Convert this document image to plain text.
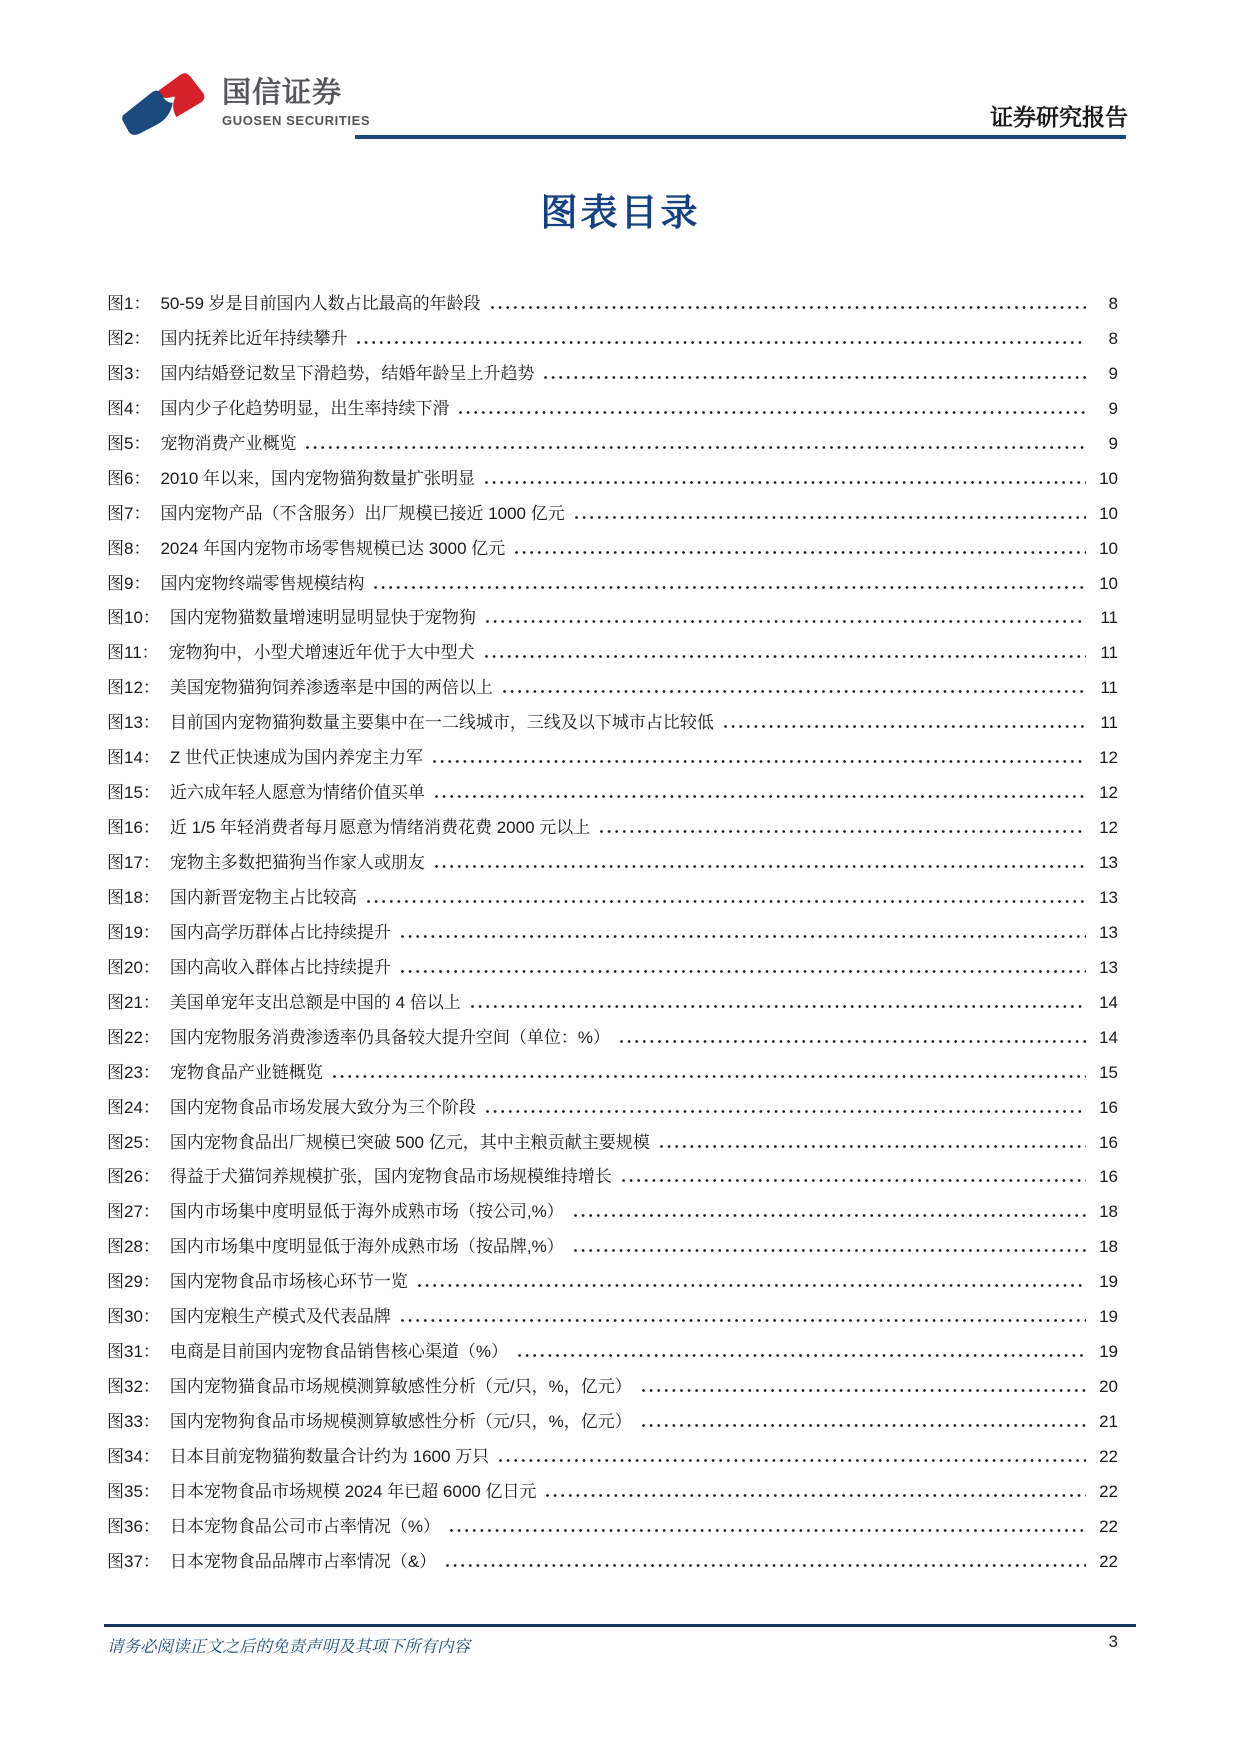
国信证券
GUOSEN SECURITIES	证券研究报告
图表目录
图1： 50-59 岁是目前国内人数占比最高的年龄段	8
图2： 国内抚养比近年持续攀升	8
图3： 国内结婚登记数呈下滑趋势，结婚年龄呈上升趋势	9
图4： 国内少子化趋势明显，出生率持续下滑	9
图5： 宠物消费产业概览	9
图6： 2010 年以来，国内宠物猫狗数量扩张明显	10
图7： 国内宠物产品（不含服务）出厂规模已接近 1000 亿元	10
图8： 2024 年国内宠物市场零售规模已达 3000 亿元	10
图9： 国内宠物终端零售规模结构	10
图10： 国内宠物猫数量增速明显明显快于宠物狗	11
图11： 宠物狗中，小型犬增速近年优于大中型犬	11
图12： 美国宠物猫狗饲养渗透率是中国的两倍以上	11
图13： 目前国内宠物猫狗数量主要集中在一二线城市，三线及以下城市占比较低	11
图14： Z 世代正快速成为国内养宠主力军	12
图15： 近六成年轻人愿意为情绪价值买单	12
图16： 近 1/5 年轻消费者每月愿意为情绪消费花费 2000 元以上	12
图17： 宠物主多数把猫狗当作家人或朋友	13
图18： 国内新晋宠物主占比较高	13
图19： 国内高学历群体占比持续提升	13
图20： 国内高收入群体占比持续提升	13
图21： 美国单宠年支出总额是中国的 4 倍以上	14
图22： 国内宠物服务消费渗透率仍具备较大提升空间（单位：%）	14
图23： 宠物食品产业链概览	15
图24： 国内宠物食品市场发展大致分为三个阶段	16
图25： 国内宠物食品出厂规模已突破 500 亿元，其中主粮贡献主要规模	16
图26： 得益于犬猫饲养规模扩张，国内宠物食品市场规模维持增长	16
图27： 国内市场集中度明显低于海外成熟市场（按公司,%）	18
图28： 国内市场集中度明显低于海外成熟市场（按品牌,%）	18
图29： 国内宠物食品市场核心环节一览	19
图30： 国内宠粮生产模式及代表品牌	19
图31： 电商是目前国内宠物食品销售核心渠道（%）	19
图32： 国内宠物猫食品市场规模测算敏感性分析（元/只，%，亿元）	20
图33： 国内宠物狗食品市场规模测算敏感性分析（元/只，%，亿元）	21
图34： 日本目前宠物猫狗数量合计约为 1600 万只	22
图35： 日本宠物食品市场规模 2024 年已超 6000 亿日元	22
图36： 日本宠物食品公司市占率情况（%）	22
图37： 日本宠物食品品牌市占率情况（&）	22
请务必阅读正文之后的免责声明及其项下所有内容	3
